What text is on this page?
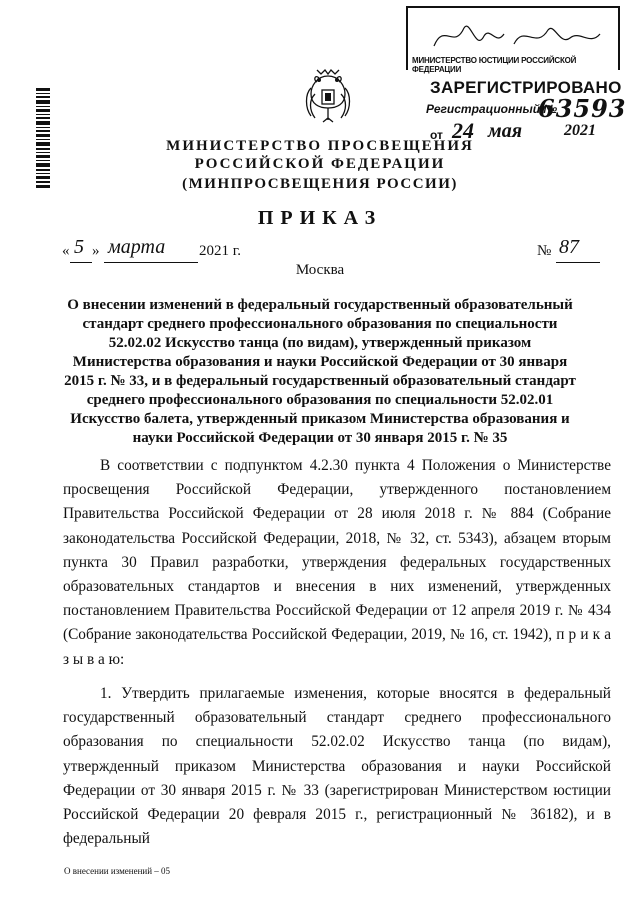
МИНИСТЕРСТВО ЮСТИЦИИ РОССИЙСКОЙ ФЕДЕРАЦИИ
ЗАРЕГИСТРИРОВАНО
Регистрационный №
63593
от 24 мая	2021
МИНИСТЕРСТВО ПРОСВЕЩЕНИЯ
РОССИЙСКОЙ ФЕДЕРАЦИИ
(МИНПРОСВЕЩЕНИЯ РОССИИ)
ПРИКАЗ
« 5 » марта 2021 г.	№ 87
Москва
О внесении изменений в федеральный государственный образовательный стандарт среднего профессионального образования по специальности 52.02.02 Искусство танца (по видам), утвержденный приказом Министерства образования и науки Российской Федерации от 30 января 2015 г. № 33, и в федеральный государственный образовательный стандарт среднего профессионального образования по специальности 52.02.01 Искусство балета, утвержденный приказом Министерства образования и науки Российской Федерации от 30 января 2015 г. № 35
В соответствии с подпунктом 4.2.30 пункта 4 Положения о Министерстве просвещения Российской Федерации, утвержденного постановлением Правительства Российской Федерации от 28 июля 2018 г. № 884 (Собрание законодательства Российской Федерации, 2018, № 32, ст. 5343), абзацем вторым пункта 30 Правил разработки, утверждения федеральных государственных образовательных стандартов и внесения в них изменений, утвержденных постановлением Правительства Российской Федерации от 12 апреля 2019 г. № 434 (Собрание законодательства Российской Федерации, 2019, № 16, ст. 1942), п р и к а з ы в а ю:
1. Утвердить прилагаемые изменения, которые вносятся в федеральный государственный образовательный стандарт среднего профессионального образования по специальности 52.02.02 Искусство танца (по видам), утвержденный приказом Министерства образования и науки Российской Федерации от 30 января 2015 г. № 33 (зарегистрирован Министерством юстиции Российской Федерации 20 февраля 2015 г., регистрационный № 36182), и в федеральный
О внесении изменений – 05
